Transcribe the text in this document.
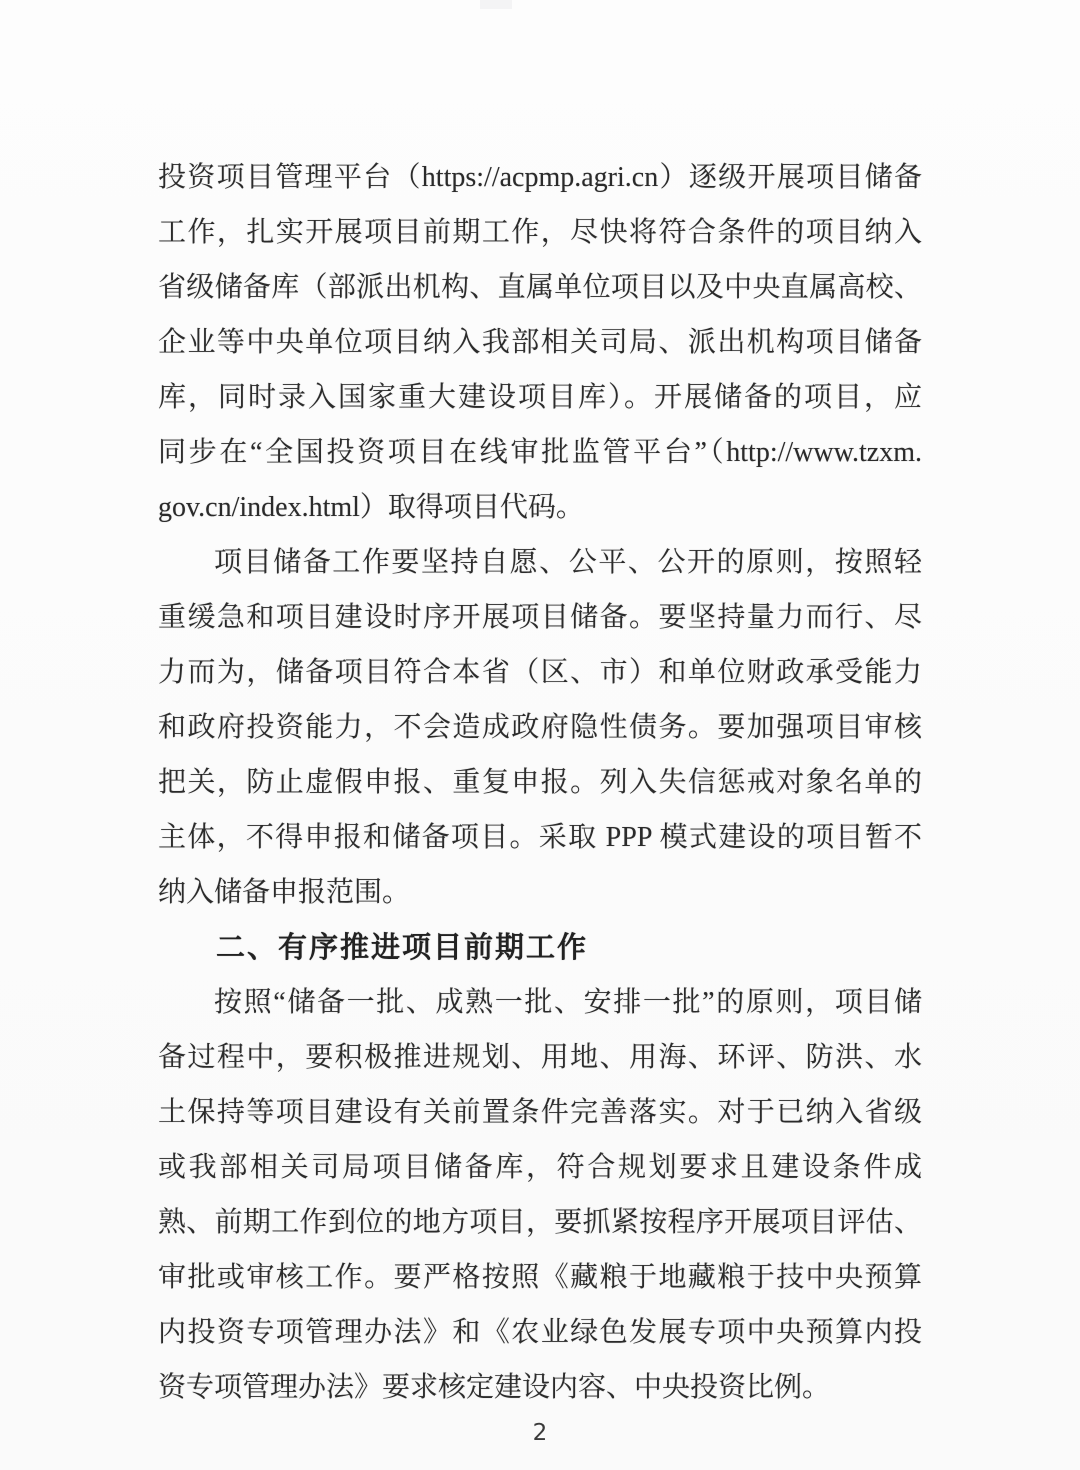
投资项目管理平台（https://acpmp.agri.cn）逐级开展项目储备
工作，扎实开展项目前期工作，尽快将符合条件的项目纳入
省级储备库（部派出机构、直属单位项目以及中央直属高校、
企业等中央单位项目纳入我部相关司局、派出机构项目储备
库，同时录入国家重大建设项目库）。开展储备的项目，应
同步在“全国投资项目在线审批监管平台”（http://www.tzxm.
gov.cn/index.html）取得项目代码。
项目储备工作要坚持自愿、公平、公开的原则，按照轻
重缓急和项目建设时序开展项目储备。要坚持量力而行、尽
力而为，储备项目符合本省（区、市）和单位财政承受能力
和政府投资能力，不会造成政府隐性债务。要加强项目审核
把关，防止虚假申报、重复申报。列入失信惩戒对象名单的
主体，不得申报和储备项目。采取 PPP 模式建设的项目暂不
纳入储备申报范围。
二、有序推进项目前期工作
按照“储备一批、成熟一批、安排一批”的原则，项目储
备过程中，要积极推进规划、用地、用海、环评、防洪、水
土保持等项目建设有关前置条件完善落实。对于已纳入省级
或我部相关司局项目储备库，符合规划要求且建设条件成
熟、前期工作到位的地方项目，要抓紧按程序开展项目评估、
审批或审核工作。要严格按照《藏粮于地藏粮于技中央预算
内投资专项管理办法》和《农业绿色发展专项中央预算内投
资专项管理办法》要求核定建设内容、中央投资比例。
2
